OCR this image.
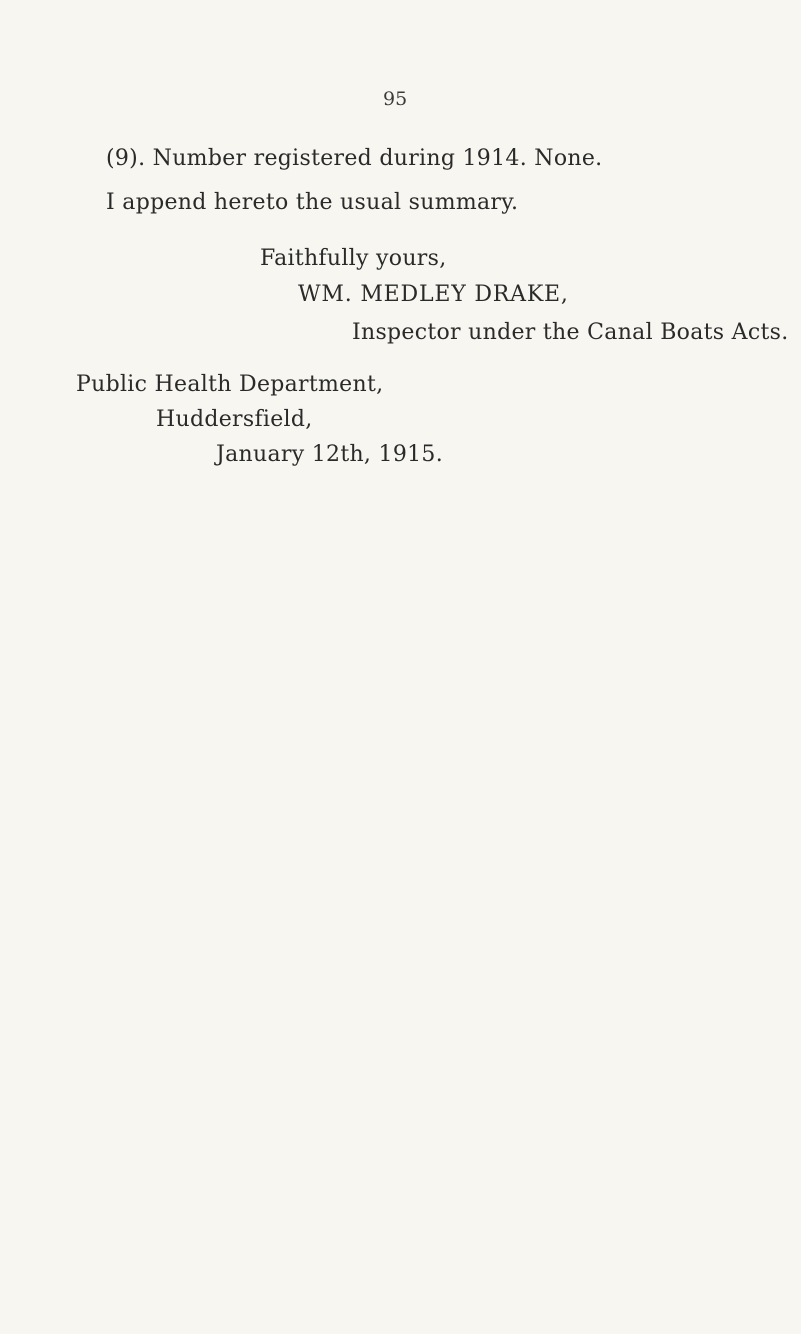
95
(9). Number registered during 1914. None.
I append hereto the usual summary.
Faithfully yours,
WM. MEDLEY DRAKE,
Inspector under the Canal Boats Acts.
Public Health Department,
Huddersfield,
January 12th, 1915.
